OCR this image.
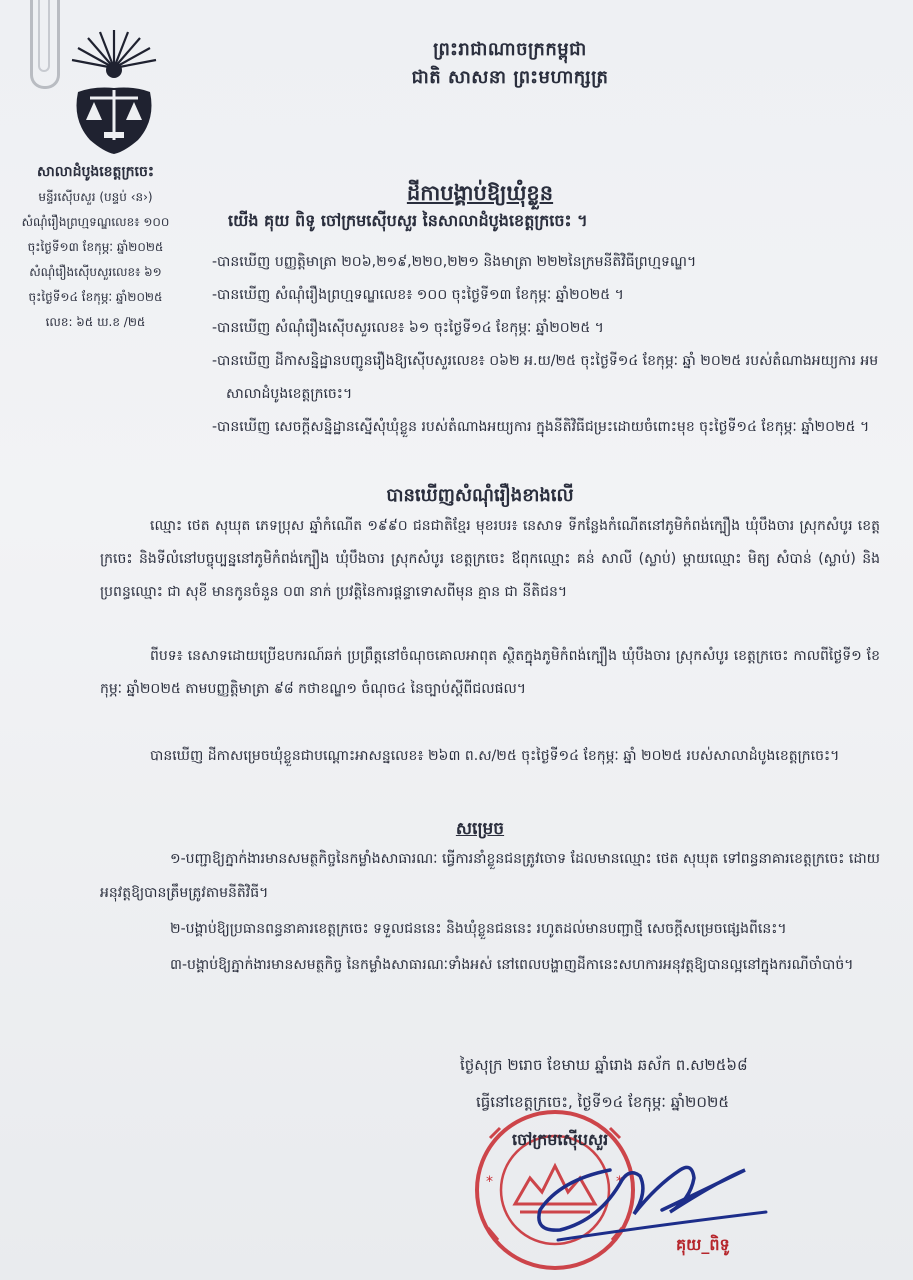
ព្រះរាជាណាចក្រកម្ពុជា
ជាតិ សាសនា ព្រះមហាក្សត្រ
សាលាដំបូងខេត្តក្រចេះ
មន្ទីរស៊ើបសួរ (បន្ទប់ ‹ន›)
សំណុំរឿងព្រហ្មទណ្ឌលេខ៖ ១០០
ចុះថ្ងៃទី១៣ ខែកុម្ភៈ ឆ្នាំ២០២៥
សំណុំរឿងស៊ើបសួរលេខ៖ ៦១
ចុះថ្ងៃទី១៤ ខែកុម្ភៈ ឆ្នាំ២០២៥
លេខ: ៦៥ ឃ.ខ /២៥
ដីកាបង្គាប់ឱ្យឃុំខ្លួន
យើង គុយ ពិទូ ចៅក្រមស៊ើបសួរ នៃសាលាដំបូងខេត្តក្រចេះ ។
-បានឃើញ បញ្ញត្តិមាត្រា ២០៦,២១៩,២២០,២២១ និងមាត្រា ២២២នៃក្រមនីតិវិធីព្រហ្មទណ្ឌ។
-បានឃើញ សំណុំរឿងព្រហ្មទណ្ឌលេខ៖ ១០០ ចុះថ្ងៃទី១៣ ខែកុម្ភៈ ឆ្នាំ២០២៥ ។
-បានឃើញ សំណុំរឿងស៊ើបសួរលេខ៖ ៦១ ចុះថ្ងៃទី១៤ ខែកុម្ភៈ ឆ្នាំ២០២៥ ។
-បានឃើញ ដីកាសន្និដ្ឋានបញ្ជូនរឿងឱ្យស៊ើបសួរលេខ៖ ០៦២ អ.យ/២៥ ចុះថ្ងៃទី១៤ ខែកុម្ភៈ ឆ្នាំ ២០២៥ របស់តំណាងអយ្យការ អមសាលាដំបូងខេត្តក្រចេះ។
-បានឃើញ សេចក្តីសន្និដ្ឋានស្នើសុំឃុំខ្លួន របស់តំណាងអយ្យការ ក្នុងនីតិវិធីជម្រះដោយចំពោះមុខ ចុះថ្ងៃទី១៤ ខែកុម្ភៈ ឆ្នាំ២០២៥ ។
បានឃើញសំណុំរឿងខាងលើ

ឈ្មោះ ថេត សុឃុត ភេទប្រុស ឆ្នាំកំណើត ១៩៩០ ជនជាតិខ្មែរ មុខរបរ៖ នេសាទ ទីកន្លែងកំណើតនៅភូមិកំពង់ក្បឿង ឃុំបឹងចារ ស្រុកសំបូរ ខេត្តក្រចេះ និងទីលំនៅបច្ចុប្បន្ននៅភូមិកំពង់ក្បឿង ឃុំបឹងចារ ស្រុកសំបូរ ខេត្តក្រចេះ ឪពុកឈ្មោះ គន់ សាលី (ស្លាប់) ម្តាយឈ្មោះ មិត្យ សំបាន់ (ស្លាប់) និងប្រពន្ធឈ្មោះ ជា សុខី មានកូនចំនួន ០៣ នាក់ ប្រវត្តិនៃការផ្តន្ទាទោសពីមុន គ្មាន ជា នីតិជន។

ពីបទ៖ នេសាទដោយប្រើឧបករណ៍ឆក់ ប្រព្រឹត្តនៅចំណុចគោលអាពុត ស្ថិតក្នុងភូមិកំពង់ក្បឿង ឃុំបឹងចារ ស្រុកសំបូរ ខេត្តក្រចេះ កាលពីថ្ងៃទី១ ខែកុម្ភៈ ឆ្នាំ២០២៥ តាមបញ្ញត្តិមាត្រា ៩៨ កថាខណ្ឌ១ ចំណុច៤ នៃច្បាប់ស្តីពីជលផល។

បានឃើញ ដីកាសម្រេចឃុំខ្លួនជាបណ្តោះអាសន្នលេខ៖ ២៦៣ ព.ស/២៥ ចុះថ្ងៃទី១៤ ខែកុម្ភៈ ឆ្នាំ ២០២៥ របស់សាលាដំបូងខេត្តក្រចេះ។

សម្រេច

១-បញ្ជាឱ្យភ្នាក់ងារមានសមត្ថកិច្ចនៃកម្លាំងសាធារណៈ ធ្វើការនាំខ្លួនជនត្រូវចោទ ដែលមានឈ្មោះ ថេត សុឃុត ទៅពន្ធនាគារខេត្តក្រចេះ ដោយអនុវត្តឱ្យបានត្រឹមត្រូវតាមនីតិវិធី។

២-បង្គាប់ឱ្យប្រធានពន្ធនាគារខេត្តក្រចេះ ទទួលជននេះ និងឃុំខ្លួនជននេះ រហូតដល់មានបញ្ជាថ្មី សេចក្តីសម្រេចផ្សេងពីនេះ។

៣-បង្គាប់ឱ្យភ្នាក់ងារមានសមត្ថកិច្ច នៃកម្លាំងសាធារណៈទាំងអស់ នៅពេលបង្ហាញដីកានេះសហការអនុវត្តឱ្យបានល្អនៅក្នុងករណីចាំបាច់។

ថ្ងៃសុក្រ ២រោច ខែមាឃ ឆ្នាំរោង ឆស័ក ព.ស២៥៦៨
*	*
ធ្វើនៅខេត្តក្រចេះ, ថ្ងៃទី១៤ ខែកុម្ភៈ ឆ្នាំ២០២៥
ចៅក្រមស៊ើបសួរ
គុយ_ពិទូ
